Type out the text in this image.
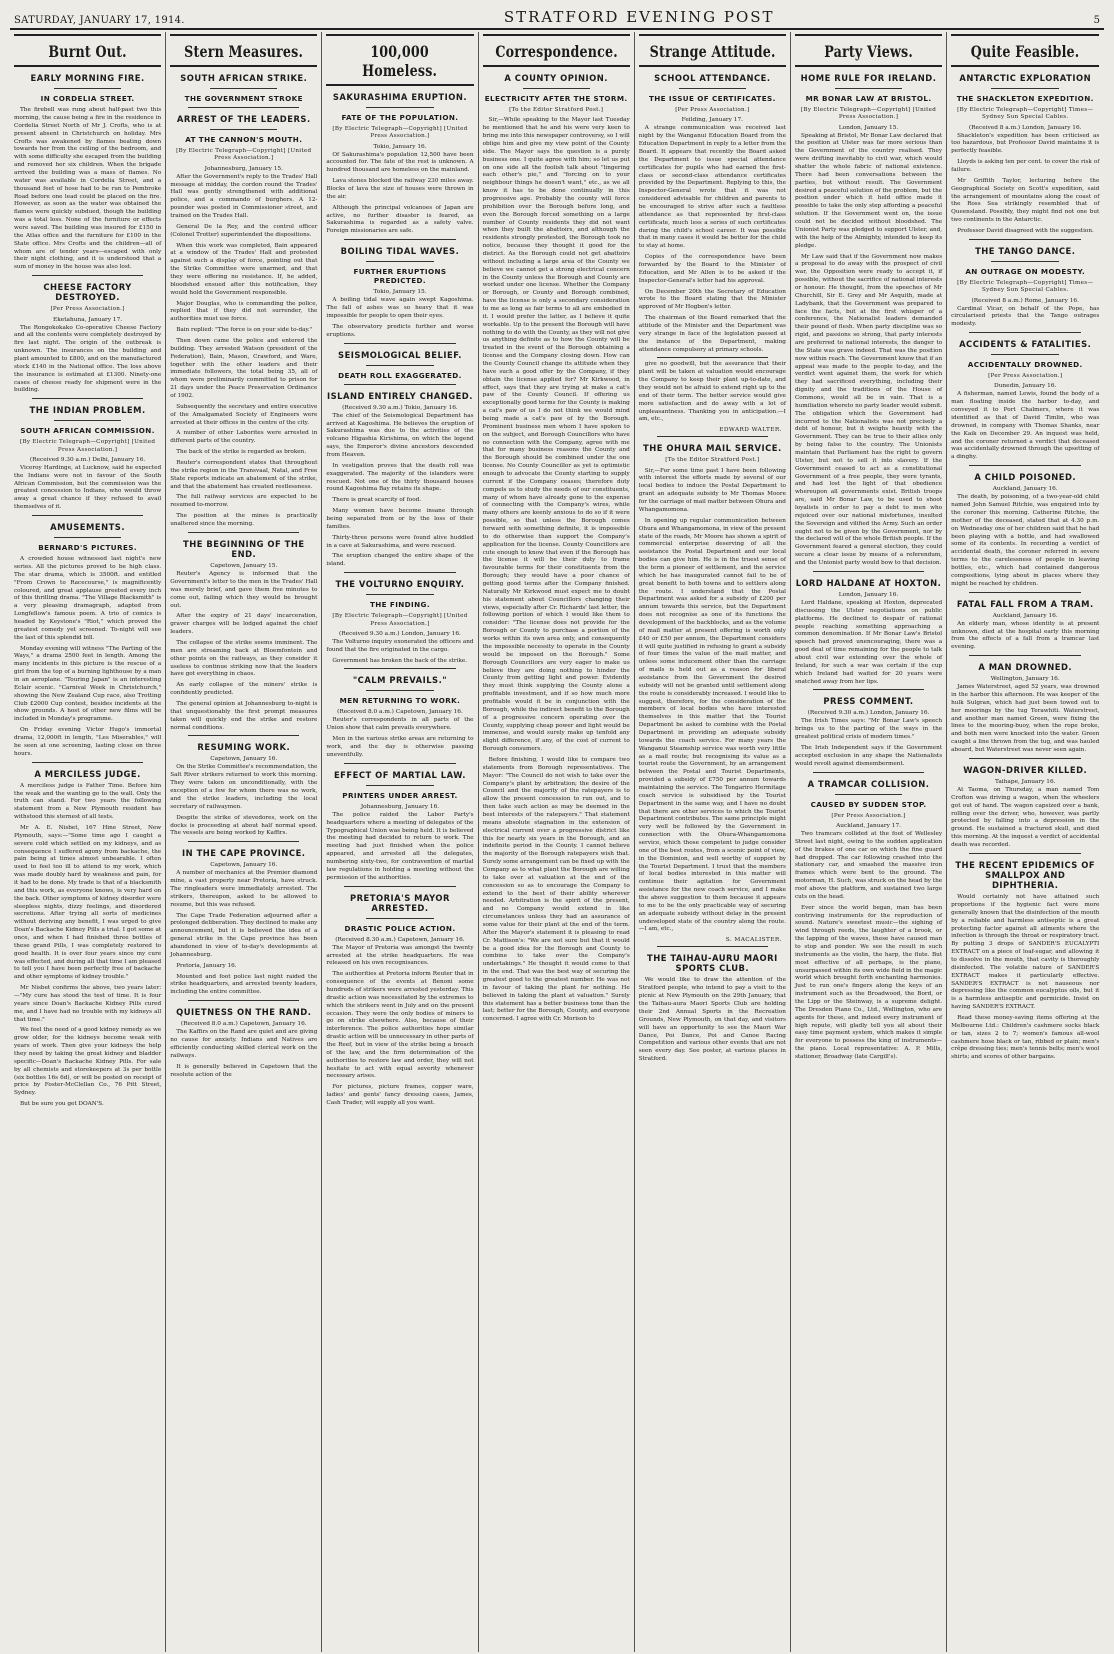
SATURDAY, JANUARY 17, 1914.	STRATFORD EVENING POST	5
Burnt Out.
EARLY MORNING FIRE.
IN CORDELIA STREET.

The firebell was rung about half-past two this morning, the cause being a fire in the residence in Cordelia Street North of Mr J. Crofts, who is at present absent in Christchurch on holiday. Mrs Crofts was awakened by flames beating down towards her from the ceiling of the bedroom, and with some difficulty she escaped from the building and removed her six children. When the brigade arrived the building was a mass of flames. No water was available in Cordelia Street, and a thousand feet of hose had to be run to Pembroke Road before one lead could be placed on the fire. However, as soon as the water was obtained the flames were quickly subdued, though the building was a total loss. None of the furniture or effects were saved. The building was insured for £150 in the Atlas office and the furniture for £100 in the State office. Mrs Crofts and the children—all of whom are of tender years—escaped with only their night clothing, and it is understood that a sum of money in the house was also lost.

CHEESE FACTORY DESTROYED.
[Per Press Association.]
Eketahuna, January 17.

The Rongokokako Co-operative Cheese Factory and all the contents were completely destroyed by fire last night. The origin of the outbreak is unknown. The insurances on the building and plant amounted to £800, and on the manufactured stock £140 in the National office. The loss above the insurance is estimated at £1300. Ninety-one cases of cheese ready for shipment were in the building.

THE INDIAN PROBLEM.
SOUTH AFRICAN COMMISSION.
[By Electric Telegraph—Copyright] [United Press Association.]
(Received 9.30 a.m.) Delhi, January 16.

Viceroy Hardinge, at Lucknow, said he expected the Indians were not in favour of the South African Commission, but the commission was the greatest concession to Indians, who would throw away a great chance if they refused to avail themselves of it.

AMUSEMENTS.
BERNARD'S PICTURES.

A crowded house witnessed last night's new series. All the pictures proved to be high class. The star drama, which is 3500ft. and entitled "From Crown to Racecourse," is magnificently coloured, and great applause greeted every inch of this thrilling drama. "The Village Blacksmith" is a very pleasing dramagraph, adapted from Longfellow's famous poem. A trio of comics is headed by Keystone's "Riot," which proved the greatest comedy yet screened. To-night will see the last of this splendid bill.

Monday evening will witness "The Parting of the Ways," a drama 2500 feet in length. Among the many incidents in this picture is the rescue of a girl from the top of a burning lighthouse by a man in an aeroplane. "Touring Japan" is an interesting Eclair scenic. "Carnival Week in Christchurch," showing the New Zealand Cup race, also Trotting Club £2000 Cup contest, besides incidents at the show grounds. A host of other new films will be included in Monday's programme.

On Friday evening Victor Hugo's immortal drama, 12,000ft in length, "Les Miserables," will be seen at one screening, lasting close on three hours.

A MERCILESS JUDGE.

A merciless judge is Father Time. Before him the weak and the wanting go to the wall. Only the truth can stand. For two years the following statement from a New Plymouth resident has withstood this sternest of all tests.

Mr A. E. Nisbet, 167 Hine Street, New Plymouth, says:—"Some time ago I caught a severe cold which settled on my kidneys, and as consequence I suffered agony from backache, the pain being at times almost unbearable. I often used to feel too ill to attend to my work, which was made doubly hard by weakness and pain, for it had to be done. My trade is that of a blacksmith and this work, as everyone knows, is very hard on the back. Other symptoms of kidney disorder were sleepless nights, dizzy feelings, and disordered secretions. After trying all sorts of medicines without deriving any benefit, I was urged to give Doan's Backache Kidney Pills a trial. I got some at once, and when I had finished three bottles of these grand Pills, I was completely restored to good health. It is over four years since my cure was effected, and during all that time I am pleased to tell you I have been perfectly free of backache and other symptoms of kidney trouble."

Mr Nisbet confirms the above, two years later:—"My cure has stood the test of time. It is four years since Doan's Backache Kidney Pills cured me, and I have had no trouble with my kidneys all that time."

We feel the need of a good kidney remedy as we grow older, for the kidneys become weak with years of work. Then give your kidneys the help they need by taking the great kidney and bladder specific—Doan's Backache Kidney Pills. For sale by all chemists and storekeepers at 3s per bottle (six bottles 16s 6d), or will be posted on receipt of price by Foster-McClellan Co., 76 Pitt Street, Sydney.

But be sure you get DOAN'S.

Stern Measures.
SOUTH AFRICAN STRIKE.
THE GOVERNMENT STROKE
ARREST OF THE LEADERS.
AT THE CANNON'S MOUTH.
[By Electric Telegraph—Copyright] [United Press Association.]
Johannesburg, January 15.

After the Government's reply to the Trades' Hall message at midday, the cordon round the Trades' Hall was gently strengthened with additional police, and a commando of burghers. A 12-pounder was posted in Commissioner street, and trained on the Trades Hall.

General De la Rey, and the control officer (Colonel Trotter) superintended the dispositions.

When this work was completed, Bain appeared at a window of the Trades' Hall and protested against such a display of force, pointing out that the Strike Committee were unarmed, and that they were offering no resistance. If, he added, bloodshed ensued after this notification, they would hold the Government responsible.

Major Douglas, who is commanding the police, replied that if they did not surrender, the authorities must use force.

Bain replied: "The force is on your side to-day."

Then down came the police and entered the building. They arrested Watson (president of the Federation), Bain, Mason, Crawford, and Ware, together with the other leaders and their immediate followers, the total being 35, all of whom were preliminarily committed to prison for 21 days under the Peace Preservation Ordinance of 1902.

Subsequently the secretary and entire executive of the Amalgamated Society of Engineers were arrested at their offices in the centre of the city.

A number of other Laborites were arrested in different parts of the country.

The back of the strike is regarded as broken.

Reuter's correspondent states that throughout the strike region in the Transvaal, Natal, and Free State reports indicate an abatement of the strike, and that the abatement has created restlessness.

The full railway services are expected to be resumed to-morrow.

The position at the mines is practically unaltered since the morning.

THE BEGINNING OF THE END.
Capetown, January 15.

Reuter's Agency is informed that the Government's letter to the men in the Trades' Hall was merely brief, and gave them five minutes to come out, failing which they would be brought out.

After the expiry of 21 days' incarceration, graver charges will be lodged against the chief leaders.

The collapse of the strike seems imminent. The men are streaming back at Bloemfontein and other points on the railways, as they consider it useless to continue striking now that the leaders have got everything in chaos.

An early collapse of the miners' strike is confidently predicted.

The general opinion at Johannesburg to-night is that unquestionably the first prompt measures taken will quickly end the strike and restore normal conditions.

RESUMING WORK.
Capetown, January 16.

On the Strike Committee's recommendation, the Salt River strikers returned to work this morning. They were taken on unconditionally, with the exception of a few for whom there was no work, and the strike leaders, including the local secretary of railwaymen.

Despite the strike of stevedores, work on the docks is proceeding at about half normal speed. The vessels are being worked by Kaffirs.

IN THE CAPE PROVINCE.
Capetown, January 16.

A number of mechanics at the Premier diamond mine, a vast property near Pretoria, have struck. The ringleaders were immediately arrested. The strikers, thereupon, asked to be allowed to resume, but this was refused.

The Cape Trade Federation adjourned after a prolonged deliberation. They declined to make any announcement, but it is believed the idea of a general strike in the Cape province has been abandoned in view of to-day's developments at Johannesburg.

Pretoria, January 16.

Mounted and foot police last night raided the strike headquarters, and arrested twenty leaders, including the entire committee.

QUIETNESS ON THE RAND.
(Received 8.0 a.m.) Capetown, January 16.

The Kaffirs on the Rand are quiet and are giving no cause for anxiety. Indians and Natives are efficiently conducting skilled clerical work on the railways.

It is generally believed in Capetown that the resolute action of the

100,000 Homeless.
SAKURASHIMA ERUPTION.
FATE OF THE POPULATION.
[By Electric Telegraph—Copyright] [United Press Association.]
Tokio, January 16.

Of Sakurashima's population 12,500 have been accounted for. The fate of the rest is unknown. A hundred thousand are homeless on the mainland.

Lava stones blocked the railway 230 miles away. Blocks of lava the size of houses were thrown in the air.

Although the principal volcanoes of Japan are active, no further disaster is feared, as Sakurashima is regarded as a safety valve. Foreign missionaries are safe.

BOILING TIDAL WAVES.
FURTHER ERUPTIONS PREDICTED.
Tokio, January 15.

A boiling tidal wave again swept Kagoshima. The fall of ashes was so heavy that it was impossible for people to open their eyes.

The observatory predicts further and worse eruptions.

SEISMOLOGICAL BELIEF.
DEATH ROLL EXAGGERATED.
ISLAND ENTIRELY CHANGED.
(Received 9.30 a.m.) Tokio, January 16.

The chief of the Seismological Department has arrived at Kagoshima. He believes the eruption of Sakurashima was due to the activities of the volcano Higashia Kirishima, on which the legend says, the Emperor's divine ancestors descended from Heaven.

In vestigation proves that the death roll was exaggerated. The majority of the islanders were rescued. Not one of the thirty thousand houses round Kagoshima Bay retains its shape.

There is great scarcity of food.

Many women have become insane through being separated from or by the loss of their families.

Thirty-three persons were found alive huddled in a cave at Sakurashima, and were rescued.

The eruption changed the entire shape of the island.

THE VOLTURNO ENQUIRY.
THE FINDING.
[By Electric Telegraph—Copyright] [United Press Association.]
(Received 9.30 a.m.) London, January 16.

The Volturno inquiry exonerated the officers and found that the fire originated in the cargo.

Government has broken the back of the strike.

"CALM PREVAILS."
MEN RETURNING TO WORK.
(Received 8.0 a.m.) Capetown, January 16.

Reuter's correspondents in all parts of the Union show that calm prevails everywhere.

Men in the various strike areas are returning to work, and the day is otherwise passing uneventfully.

EFFECT OF MARTIAL LAW.
PRINTERS UNDER ARREST.
Johannesburg, January 16.

The police raided the Labor Party's headquarters where a meeting of delegates of the Typographical Union was being held. It is believed the meeting had decided to return to work. The meeting had just finished when the police appeared, and arrested all the delegates, numbering sixty-two, for contravention of martial law regulations in holding a meeting without the permission of the authorities.

PRETORIA'S MAYOR ARRESTED.
DRASTIC POLICE ACTION.
(Received 8.30 a.m.) Capetown, January 16.

The Mayor of Pretoria was amongst the twenty arrested at the strike headquarters. He was released on his own recognisances.

The authorities at Pretoria inform Reuter that in consequence of the events at Benoni some hundreds of strikers were arrested yesterday. This drastic action was necessitated by the extremes to which the strikers went in July and on the present occasion. They were the only bodies of miners to go on strike elsewhere. Also, because of their interference. The police authorities hope similar drastic action will be unnecessary in other parts of the Reef, but in view of the strike being a breach of the law, and the firm determination of the authorities to restore law and order, they will not hesitate to act with equal severity whenever necessary arises.

For pictures, picture frames, copper ware, ladies' and gents' fancy dressing cases, James, Cash Trader, will supply all you want.

Correspondence.
A COUNTY OPINION.
ELECTRICITY AFTER THE STORM.
[To the Editor Stratford Post.]

Sir,—While speaking to the Mayor last Tuesday he mentioned that he and his were very keen to bring me into this newspaper controversy, so I will oblige him and give my view point of the County side. The Mayor says the question is a purely business one. I quite agree with him; so let us put on one side all the foolish talk about "lingering each other's pie," and "forcing on to your neighbour things he doesn't want," etc., as we all know it has to be done continually in this progressive age. Probably the county will force prohibition over the Borough before long, and even the Borough forced something on a large number of County residents they did not want when they built the abattoirs, and although the residents strongly protested, the Borough took no notice, because they thought it good for the district. As the Borough could not get abattoirs without including a large area of the County we believe we cannot get a strong electrical concern in the County unless the Borough and County are worked under one license. Whether the Company or Borough, or County and Borough combined, have the license is only a secondary consideration to me as long as fair terms to all are embodied in it. I would prefer the latter, as I believe it quite workable. Up to the present the Borough will have nothing to do with the County, as they will not give us anything definite as to how the County will be treated in the event of the Borough obtaining a license and the Company closing down. How can the County Council change its attitude when they have such a good offer by the Company, if they obtain the license applied for? Mr Kirkwood, in effect, says that they are trying at make a cat's paw of the County Council. If offering us exceptionally good terms for the County is making a cat's paw of us I do not think we would mind being made a cat's paw of by the Borough. Prominent business men whom I have spoken to on the subject, and Borough Councillors who have no connection with the Company, agree with me that for many business reasons the County and the Borough should be combined under the one license. No County Councillor as yet is optimistic enough to advocate the County starting to supply current if the Company ceases; therefore duty compels us to study the needs of our constituents, many of whom have already gone to the expense of connecting with the Company's wires, while many others are keenly anxious to do so if it were possible, so that unless the Borough comes forward with something definite, it is impossible to do otherwise than support the Company's application for the license. County Councillors are cute enough to know that even if the Borough has the license it will be their duty to frame favourable terms for their constituents from the Borough; they would have a poor chance of getting good terms after the Company finished. Naturally Mr Kirkwood must expect me to doubt his statement about Councillors changing their views, especially after Cr. Richards' last letter, the following portion of which I would like them to consider: "The license does not provide for the Borough or County to purchase a portion of the works within its own area only, and consequently the impossible necessity to operate in the County would be imposed on the Borough." Some Borough Councillors are very eager to make us believe they are doing nothing to hinder the County from getting light and power. Evidently they must think supplying the County alone a profitable investment, and if so how much more profitable would it be in conjunction with the Borough, while the indirect benefit to the Borough of a progressive concern operating over the County, supplying cheap power and light would be immense, and would surely make up tenfold any slight difference, if any, of the cost of current to Borough consumers.

Before finishing, I would like to compare two statements from Borough representatives. The Mayor: "The Council do not wish to take over the Company's plant by arbitration; the desire of the Council and the majority of the ratepayers is to allow the present concession to run out, and to then take such action as may be deemed in the best interests of the ratepayers." That statement means absolute stagnation in the extension of electrical current over a progressive district like this for nearly six years in the Borough, and an indefinite period in the County. I cannot believe the majority of the Borough ratepayers wish that. Surely some arrangement can be fixed up with the Company as to what plant the Borough are willing to take over at valuation at the end of the concession so as to encourage the Company to extend to the best of their ability wherever needed. Arbitration is the spirit of the present, and no Company would extend in like circumstances unless they had an assurance of some value for their plant at the end of the term. After the Mayor's statement it is pleasing to read Cr. Mattison's: "We are not sure but that it would be a good idea for the Borough and County to combine to take over the Company's undertakings." He thought it would come to that in the end. That was the best way of securing the greatest good to the greatest number. He was not in favour of taking the plant for nothing. He believed in taking the plant at valuation." Surely this statement has a better business tone than the last; better for the Borough, County, and everyone concerned. I agree with Cr. Morison to

Strange Attitude.
SCHOOL ATTENDANCE.
THE ISSUE OF CERTIFICATES.
[Per Press Association.]
Feilding, January 17.

A strange communication was received last night by the Wanganui Education Board from the Education Department in reply to a letter from the Board. It appears that recently the Board asked the Department to issue special attendance certificates for pupils who had earned the first-class or second-class attendance certificates provided by the Department. Replying to this, the Inspector-General wrote that it was not considered advisable for children and parents to be encouraged to strive after such a faultless attendance as that represented by first-class certificate, much less a series of such certificates during the child's school career. It was possible that in many cases it would be better for the child to stay at home.

Copies of the correspondence have been forwarded by the Board to the Minister of Education, and Mr Allen is to be asked if the Inspector-General's letter had his approval.

On December 20th the Secretary of Education wrote to the Board stating that the Minister approved of Mr Hogben's letter.

The chairman of the Board remarked that the attitude of the Minister and the Department was very strange in face of the legislation passed at the instance of the Department, making attendance compulsory at primary schools.

give no goodwill, but the assurance that their plant will be taken at valuation would encourage the Company to keep their plant up-to-date, and they would not be afraid to extend right up to the end of their term. The better service would give more satisfaction and do away with a lot of unpleasantness. Thanking you in anticipation.—I am, etc.,

EDWARD WALTER.
THE OHURA MAIL SERVICE.
[To the Editor Stratford Post.]

Sir,—For some time past I have been following with interest the efforts made by several of our local bodies to induce the Postal Department to grant an adequate subsidy to Mr Thomas Moore for the carriage of mail matter between Ohura and Whangamomona.

In opening up regular communication between Ohura and Whangamomona, in view of the present state of the roads, Mr Moore has shown a spirit of commercial enterprise deserving of all the assistance the Postal Department and our local bodies can give him. He is in the truest sense of the term a pioneer of settlement, and the service which he has inaugurated cannot fail to be of great benefit to both towns and to settlers along the route. I understand that the Postal Department was asked for a subsidy of £200 per annum towards this service, but the Department does not recognise as one of its functions the development of the backblocks, and as the volume of mail matter at present offering is worth only £40 or £50 per annum, the Department considers it will quite justified in refusing to grant a subsidy of four times the value of the mail matter, and unless some inducement other than the carriage of mails is held out as a reason for liberal assistance from the Government the desired subsidy will not be granted until settlement along the route is considerably increased. I would like to suggest, therefore, for the consideration of the members of local bodies who have interested themselves in this matter that the Tourist Department be asked to combine with the Postal Department in providing an adequate subsidy towards the coach service. For many years the Wanganui Steamship service was worth very little as a mail route; but recognising its value as a tourist route the Government, by an arrangement between the Postal and Tourist Departments, provided a subsidy of £750 per annum towards maintaining the service. The Tongariro Hermitage coach service is subsidised by the Tourist Department in the same way, and I have no doubt that there are other services to which the Tourist Department contributes. The same principle might very well be followed by the Government in connection with the Ohura-Whangamomona service, which those competent to judge consider one of the best routes, from a scenic point of view, in the Dominion, and well worthy of support by the Tourist Department. I trust that the members of local bodies interested in this matter will continue their agitation for Government assistance for the new coach service, and I make the above suggestion to them because it appears to me to be the only practicable way of securing an adequate subsidy without delay in the present undeveloped state of the country along the route.—I am, etc.,

S. MACALISTER.
THE TAIHAU-AURU MAORI SPORTS CLUB.

We would like to draw the attention of the Stratford people, who intend to pay a visit to the picnic at New Plymouth on the 29th January, that the Taihau-aura Maori Sports Club are holding their 2nd Annual Sports in the Recreation Grounds, New Plymouth, on that day, and visitors will have an opportunity to see the Maori War Dance, Poi Dance, Poi and Canoe Racing Competition and various other events that are not seen every day. See poster, at various places in Stratford.

Party Views.
HOME RULE FOR IRELAND.
MR BONAR LAW AT BRISTOL.
[By Electric Telegraph—Copyright] [United Press Association.]
London, January 15.

Speaking at Bristol, Mr Bonar Law declared that the position at Ulster was far more serious than the Government of the country realised. They were drifting inevitably to civil war, which would shatter the whole fabric of national existence. There had been conversations between the parties, but without result. The Government desired a peaceful solution of the problem, but the position under which it held office made it possible to take the only step affording a peaceful solution. If the Government went on, the issue could not be decided without bloodshed. The Unionist Party was pledged to support Ulster, and, with the help of the Almighty, intended to keep its pledge.

Mr Law said that if the Government now makes a proposal to do away with the prospect of civil war, the Opposition were ready to accept it, if possible, without the sacrifice of national interests or honour. He thought, from the speeches of Mr Churchill, Sir E. Grey and Mr Asquith, made at Ladybank, that the Government was prepared to face the facts, but at the first whisper of a conference, the Nationalist leaders demanded their pound of flesh. When party discipline was so rigid, and passions so strong, that party interests are preferred to national interests, the danger to the State was grave indeed. That was the position now within reach. The Government know that if an appeal was made to the people to-day, and the verdict went against them, the work for which they had sacrificed everything, including their dignity and the traditions of the House of Commons, would all be in vain. That is a humiliation whereto no party leader would submit. The obligation which the Government had incurred to the Nationalists was not precisely a debt of honour, but it weighs heavily with the Government. They can be true to their allies only by being false to the country. The Unionists maintain that Parliament has the right to govern Ulster, but not to sell it into slavery. If the Government ceased to act as a constitutional Government of a free people, they were tyrants, and had lost the light of that obedience whereupon all governments exist. British troops are, said Mr Bonar Law, to be used to shoot loyalists in order to pay a debt to men who rejoiced over our national misfortunes, insulted the Sovereign and vilified the Army. Such an order ought not to be given by the Government, nor by the declared will of the whole British people. If the Government feared a general election, they could secure a clear issue by means of a referendum, and the Unionist party would bow to that decision.

LORD HALDANE AT HOXTON.
London, January 16.

Lord Haldane, speaking at Hoxton, deprecated discussing the Ulster negotiations on public platforms. He declined to despair of rational people reaching something approaching a common denomination. If Mr Bonar Law's Bristol speech had proved unencouraging, there was a good deal of time remaining for the people to talk about civil war extending over the whole of Ireland, for such a war was certain if the cup which Ireland had waited for 20 years were snatched away from her lips.

PRESS COMMENT.
(Received 9.30 a.m.) London, January 16.

The Irish Times says: "Mr Bonar Law's speech brings us to the parting of the ways in the greatest political crisis of modern times."

The Irish Independent says if the Government accepted exclusion in any shape the Nationalists would revolt against dismemberment.

A TRAMCAR COLLISION.
CAUSED BY SUDDEN STOP.
[Per Press Association.]
Auckland, January 17.

Two tramcars collided at the foot of Wellesley Street last night, owing to the sudden application of the brakes of one car on which the fine guard had dropped. The car following crashed into the stationary car, and smashed the massive iron frames which were bent to the ground. The motorman, H. Such, was struck on the head by the roof above the platform, and sustained two large cuts on the head.

Ever since the world began, man has been contriving instruments for the reproduction of sound. Nature's sweetest music—the sighing of wind through reeds, the laughter of a brook, or the lapping of the waves, these have caused man to stop and ponder. We see the result in such instruments as the violin, the harp, the flute. But most effective of all perhaps, is the piano, unsurpassed within its own wide field in the magic world which brought forth enchanting harmonies. Just to run one's fingers along the keys of an instrument such as the Broadwood, the Bord, or the Lipp or the Steinway, is a supreme delight. The Dresden Piano Co., Ltd., Wellington, who are agents for these, and indeed every instrument of high repute, will gladly tell you all about their easy time payment system, which makes it simple for everyone to possess the king of instruments—the piano. Local representative: A. P. Mills, stationer, Broadway (late Cargill's).

Quite Feasible.
ANTARCTIC EXPLORATION
THE SHACKLETON EXPEDITION.
[By Electric Telegraph—Copyright] Times—Sydney Sun Special Cables.
(Received 8 a.m.) London, January 16.

Shackleton's expedition has been criticised as too hazardous, but Professor David maintains it is perfectly feasible.

Lloyds is asking ten per cent. to cover the risk of failure.

Mr Griffith Taylor, lecturing before the Geographical Society on Scott's expedition, said the arrangement of mountains along the coast of the Ross Sea strikingly resembled that of Queensland. Possibly, they might find not one but two continents in the Antarctic.

Professor David disagreed with the suggestion.

THE TANGO DANCE.
AN OUTRAGE ON MODESTY.
[By Electric Telegraph—Copyright] Times—Sydney Sun Special Cables.
(Received 8 a.m.) Rome, January 16.

Cardinal Vicar, on behalf of the Pope, has circularised priests that the Tango outrages modesty.

ACCIDENTS & FATALITIES.
ACCIDENTALLY DROWNED.
[Per Press Association.]
Dunedin, January 16.

A fisherman, named Lewis, found the body of a man floating inside the harbor to-day, and conveyed it to Port Chalmers, where it was identified as that of David Timlin, who was drowned, in company with Thomas Shanks, near the Kaik on December 29. An inquest was held, and the coroner returned a verdict that deceased was accidentally drowned through the upsetting of a dinghy.

A CHILD POISONED.
Auckland, January 16.

The death, by poisoning, of a two-year-old child named John Samuel Ritchie, was enquired into by the coroner this morning. Catherine Ritchie, the mother of the deceased, stated that at 4.30 p.m. on Wednesday one of her children said that he had been playing with a bottle, and had swallowed some of its contents. In recording a verdict of accidental death, the coroner referred in severe terms to the carelessness of people in leaving bottles, etc., which had contained dangerous compositions, lying about in places where they might be reached by children.

FATAL FALL FROM A TRAM.
Auckland, January 16.

An elderly man, whose identity is at present unknown, died at the hospital early this morning from the effects of a fall from a tramcar last evening.

A MAN DROWNED.
Wellington, January 16.

James Waterstreet, aged 52 years, was drowned in the harbor this afternoon. He was keeper of the hulk Sulgran, which had just been towed out to her moorings by the tug Terawhiti. Waterstreet, and another man named Green, were fixing the lines to the mooring-buoy, when the rope broke, and both men were knocked into the water. Green caught a line thrown from the tug, and was hauled aboard, but Waterstreet was never seen again.

WAGON-DRIVER KILLED.
Taihape, January 16.

At Taoma, on Thursday, a man named Tom Crofton was driving a wagon, when the wheelers got out of hand. The wagon capsized over a bank, rolling over the driver, who, however, was partly protected by falling into a depression in the ground. He sustained a fractured skull, and died this morning. At the inquest a verdict of accidental death was recorded.

THE RECENT EPIDEMICS OF SMALLPOX AND DIPHTHERIA.

Would certainly not have attained such proportions if the hygienic fact were more generally known that the disinfection of the mouth by a reliable and harmless antiseptic is a great protecting factor against all ailments where the infection is through the throat or respiratory tract. By putting 3 drops of SANDER'S EUCALYPTI EXTRACT on a piece of loaf-sugar, and allowing it to dissolve in the mouth, that cavity is thoroughly disinfected. The volatile nature of SANDER'S EXTRACT makes it particularly effective. SANDER'S EXTRACT is not nauseous nor depressing like the common eucalyptus oils, but it is a harmless antiseptic and germicide. Insist on having SANDER'S EXTRACT.

Read these money-saving items offering at the Melbourne Ltd.: Children's cashmere socks black or tan, sizes 2 to 7; women's famous all-wool cashmere hose black or tan, ribbed or plain; men's crêpe dressing ties; men's tennis belts; men's wool shirts; and scores of other bargains.
